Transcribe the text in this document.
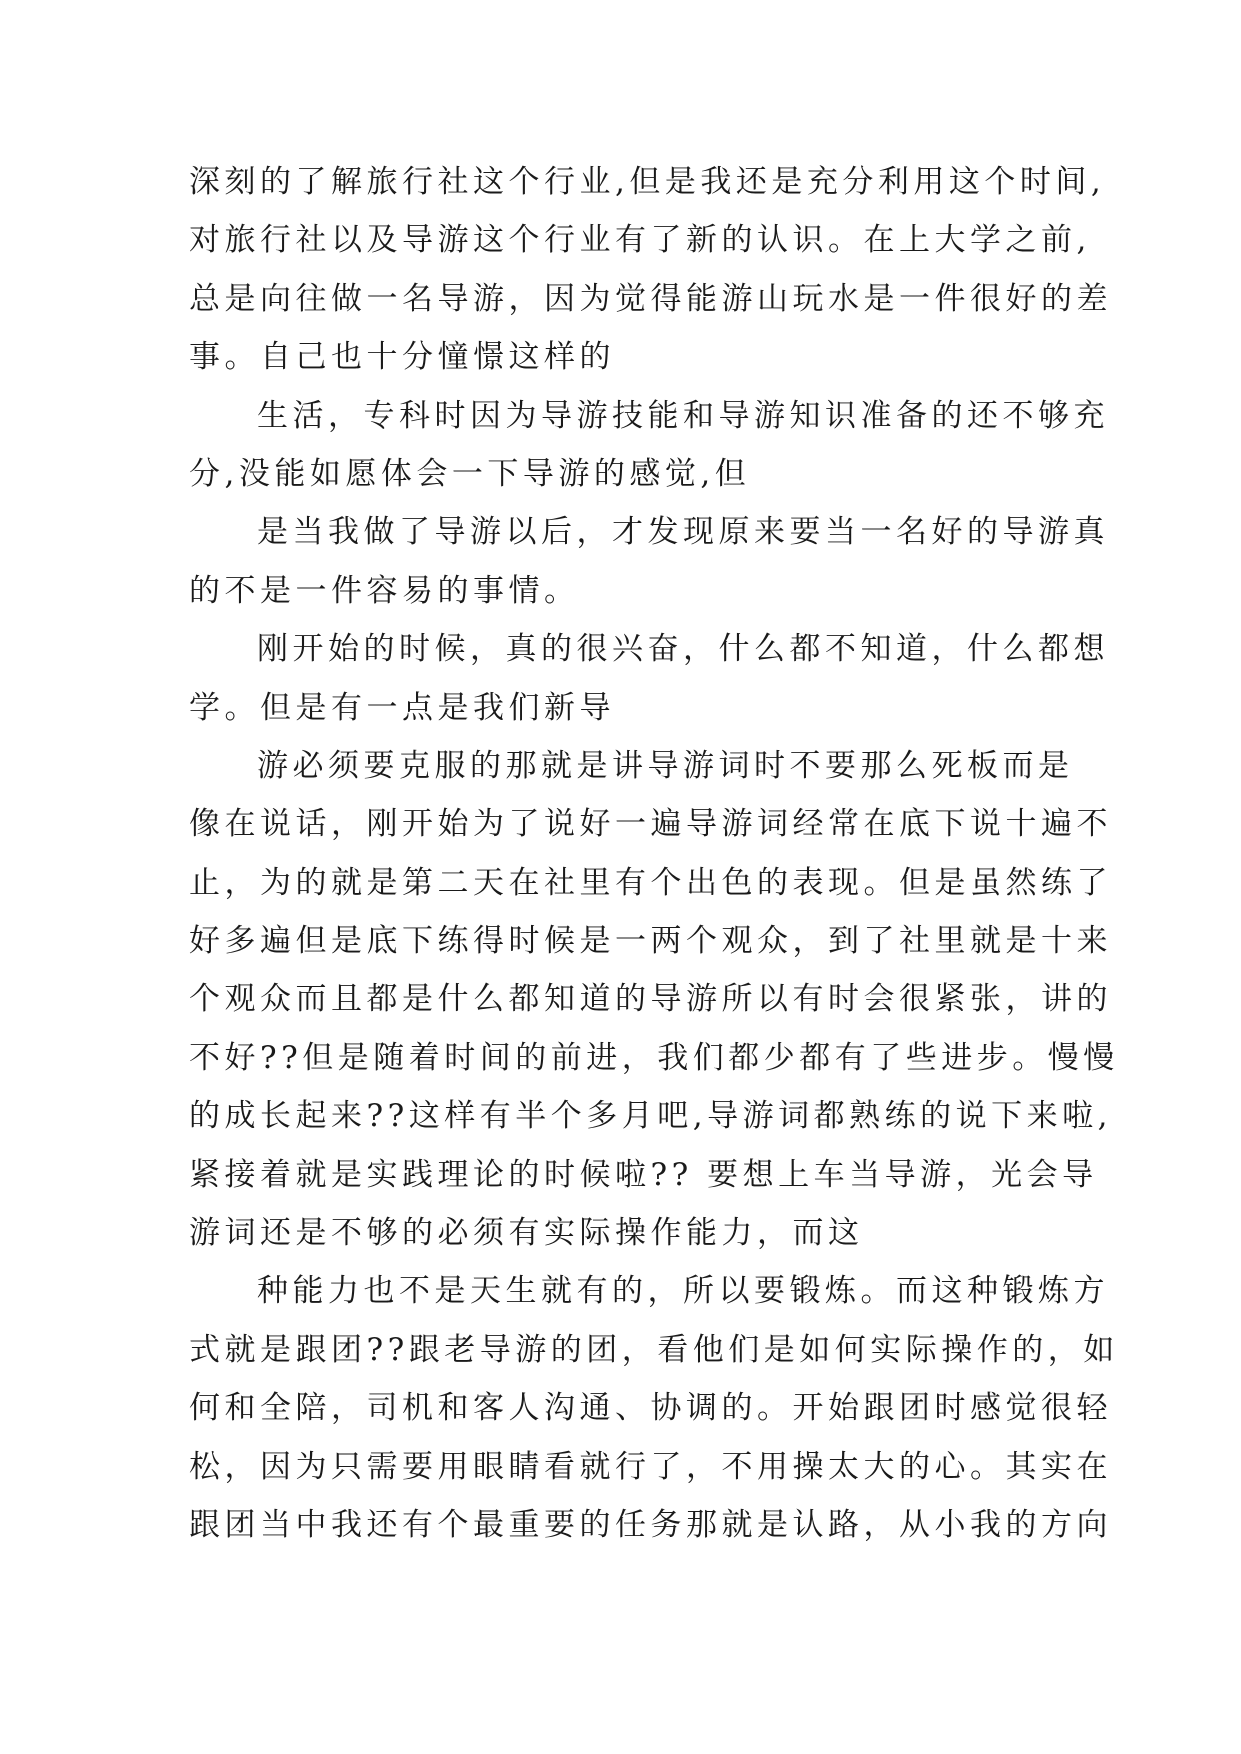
深刻的了解旅行社这个行业,但是我还是充分利用这个时间,
对旅行社以及导游这个行业有了新的认识。在上大学之前,
总是向往做一名导游，因为觉得能游山玩水是一件很好的差
事。自己也十分憧憬这样的
生活，专科时因为导游技能和导游知识准备的还不够充
分,没能如愿体会一下导游的感觉,但
是当我做了导游以后，才发现原来要当一名好的导游真
的不是一件容易的事情。
刚开始的时候，真的很兴奋，什么都不知道，什么都想
学。但是有一点是我们新导
游必须要克服的那就是讲导游词时不要那么死板而是
像在说话，刚开始为了说好一遍导游词经常在底下说十遍不
止，为的就是第二天在社里有个出色的表现。但是虽然练了
好多遍但是底下练得时候是一两个观众，到了社里就是十来
个观众而且都是什么都知道的导游所以有时会很紧张，讲的
不好??但是随着时间的前进，我们都少都有了些进步。慢慢
的成长起来??这样有半个多月吧,导游词都熟练的说下来啦,
紧接着就是实践理论的时候啦?? 要想上车当导游，光会导
游词还是不够的必须有实际操作能力，而这
种能力也不是天生就有的，所以要锻炼。而这种锻炼方
式就是跟团??跟老导游的团，看他们是如何实际操作的，如
何和全陪，司机和客人沟通、协调的。开始跟团时感觉很轻
松，因为只需要用眼睛看就行了，不用操太大的心。其实在
跟团当中我还有个最重要的任务那就是认路，从小我的方向
